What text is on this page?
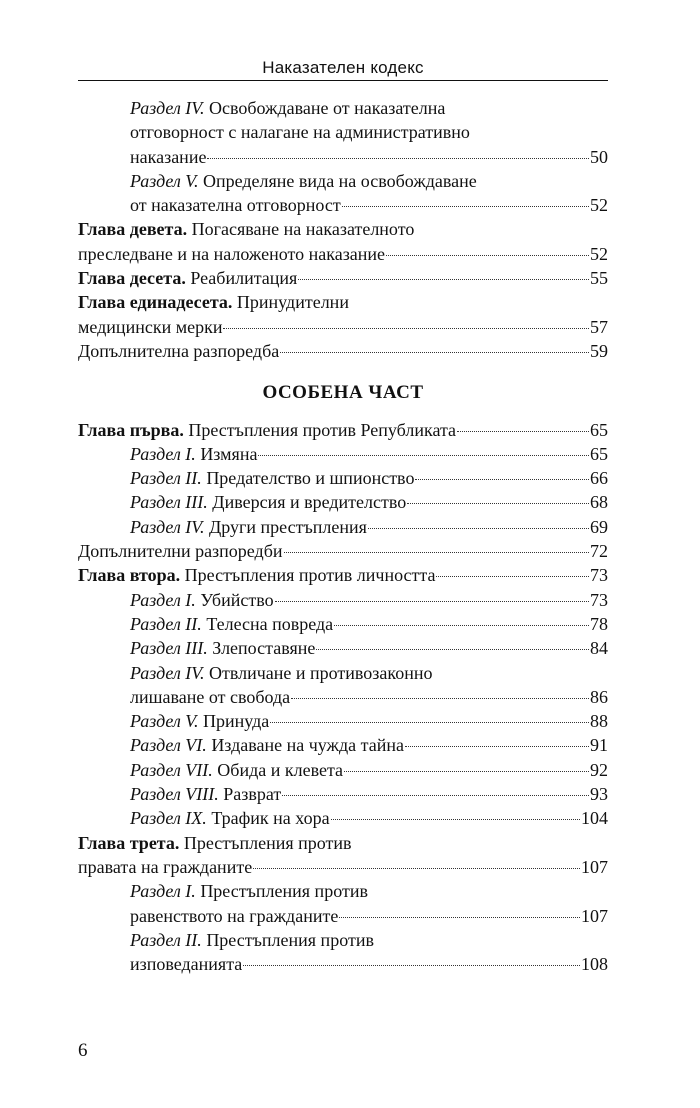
Наказателен кодекс
Раздел IV. Освобождаване от наказателна
отговорност с налагане на административно
наказание	50
Раздел V. Определяне вида на освобождаване
от наказателна отговорност	52
Глава девета. Погасяване на наказателното
преследване и на наложеното наказание	52
Глава десета. Реабилитация	55
Глава единадесета. Принудителни
медицински мерки	57
Допълнителна разпоредба	59
ОСОБЕНА ЧАСТ
Глава първа. Престъпления против Републиката	65
Раздел I. Измяна	65
Раздел II. Предателство и шпионство	66
Раздел III. Диверсия и вредителство	68
Раздел IV. Други престъпления	69
Допълнителни разпоредби	72
Глава втора. Престъпления против личността	73
Раздел I. Убийство	73
Раздел II. Телесна повреда	78
Раздел III. Злепоставяне	84
Раздел IV. Отвличане и противозаконно
лишаване от свобода	86
Раздел V. Принуда	88
Раздел VI. Издаване на чужда тайна	91
Раздел VII. Обида и клевета	92
Раздел VIII. Разврат	93
Раздел IX. Трафик на хора	104
Глава трета. Престъпления против
правата на гражданите	107
Раздел I. Престъпления против
равенството на гражданите	107
Раздел II. Престъпления против
изповеданията	108
6
